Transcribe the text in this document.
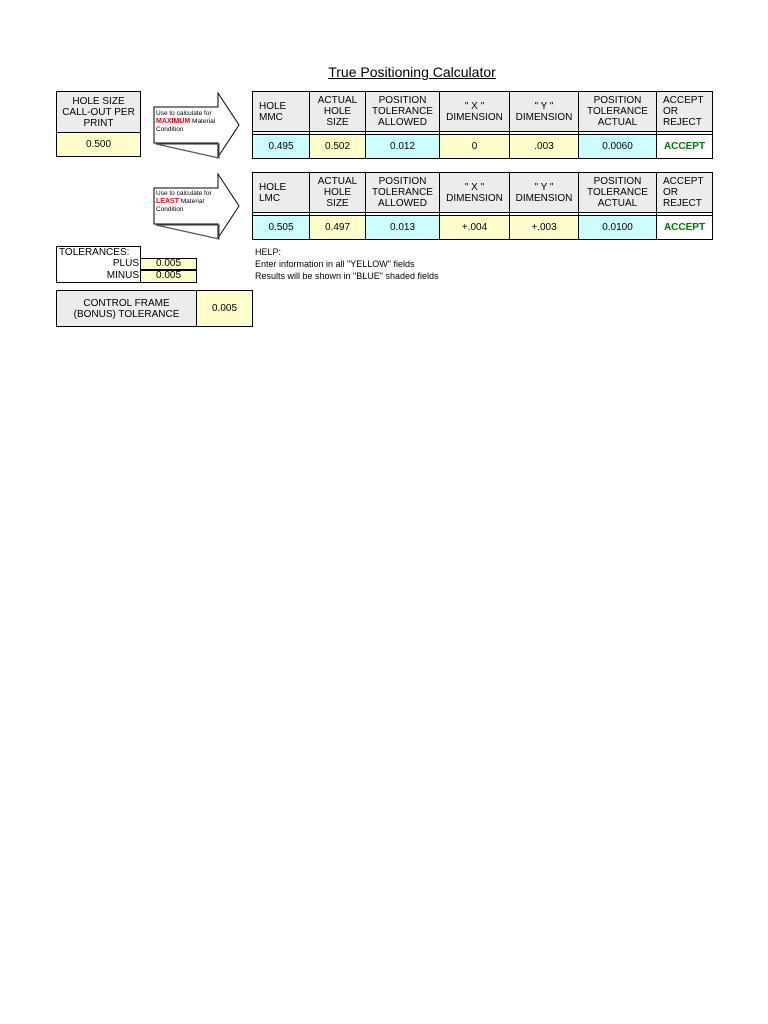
True Positioning Calculator
HOLE SIZE CALL-OUT PER PRINT
0.500
Use to calculate for
MAXIMUM Material Condition
Use to calculate for
LEAST Material Condition
HOLE MMC	ACTUAL HOLE SIZE	POSITION TOLERANCE ALLOWED	" X " DIMENSION	" Y " DIMENSION	POSITION TOLERANCE ACTUAL	ACCEPT OR REJECT

0.495	0.502	0.012	0	.003	0.0060	ACCEPT
HOLE LMC	ACTUAL HOLE SIZE	POSITION TOLERANCE ALLOWED	" X " DIMENSION	" Y " DIMENSION	POSITION TOLERANCE ACTUAL	ACCEPT OR REJECT

0.505	0.497	0.013	+.004	+.003	0.0100	ACCEPT
TOLERANCES:
PLUS	0.005
MINUS	0.005
CONTROL FRAME (BONUS) TOLERANCE	0.005
HELP:
Enter information in all "YELLOW" fields
Results will be shown in "BLUE" shaded fields
